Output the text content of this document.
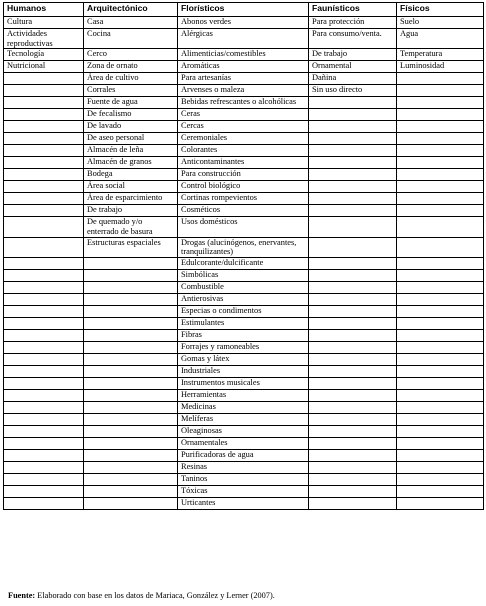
Humanos	Arquitectónico	Florísticos	Faunísticos	Físicos
Cultura	Casa	Abonos verdes	Para protección	Suelo
Actividades reproductivas	Cocina	Alérgicas	Para consumo/venta.	Agua
Tecnología	Cerco	Alimenticias/comestibles	De trabajo	Temperatura
Nutricional	Zona de ornato	Aromáticas	Ornamental	Luminosidad
	Área de cultivo	Para artesanías	Dañina	
	Corrales	Arvenses o maleza	Sin uso directo	
	Fuente de agua	Bebidas refrescantes o alcohólicas		
	De fecalismo	Ceras		
	De lavado	Cercas		
	De aseo personal	Ceremoniales		
	Almacén de leña	Colorantes		
	Almacén de granos	Anticontaminantes		
	Bodega	Para construcción		
	Área social	Control biológico		
	Área de esparcimiento	Cortinas rompevientos		
	De trabajo	Cosméticos		
	De quemado y/o enterrado de basura	Usos domésticos		
	Estructuras espaciales	Drogas (alucinógenos, enervantes, tranquilizantes)		
		Edulcorante/dulcificante		
		Simbólicas		
		Combustible		
		Antierosivas		
		Especias o condimentos		
		Estimulantes		
		Fibras		
		Forrajes y ramoneables		
		Gomas y látex		
		Industriales		
		Instrumentos musicales		
		Herramientas		
		Medicinas		
		Melíferas		
		Oleaginosas		
		Ornamentales		
		Purificadoras de agua		
		Resinas		
		Taninos		
		Tóxicas		
		Urticantes		
Fuente: Elaborado con base en los datos de Mariaca, González y Lerner (2007).
